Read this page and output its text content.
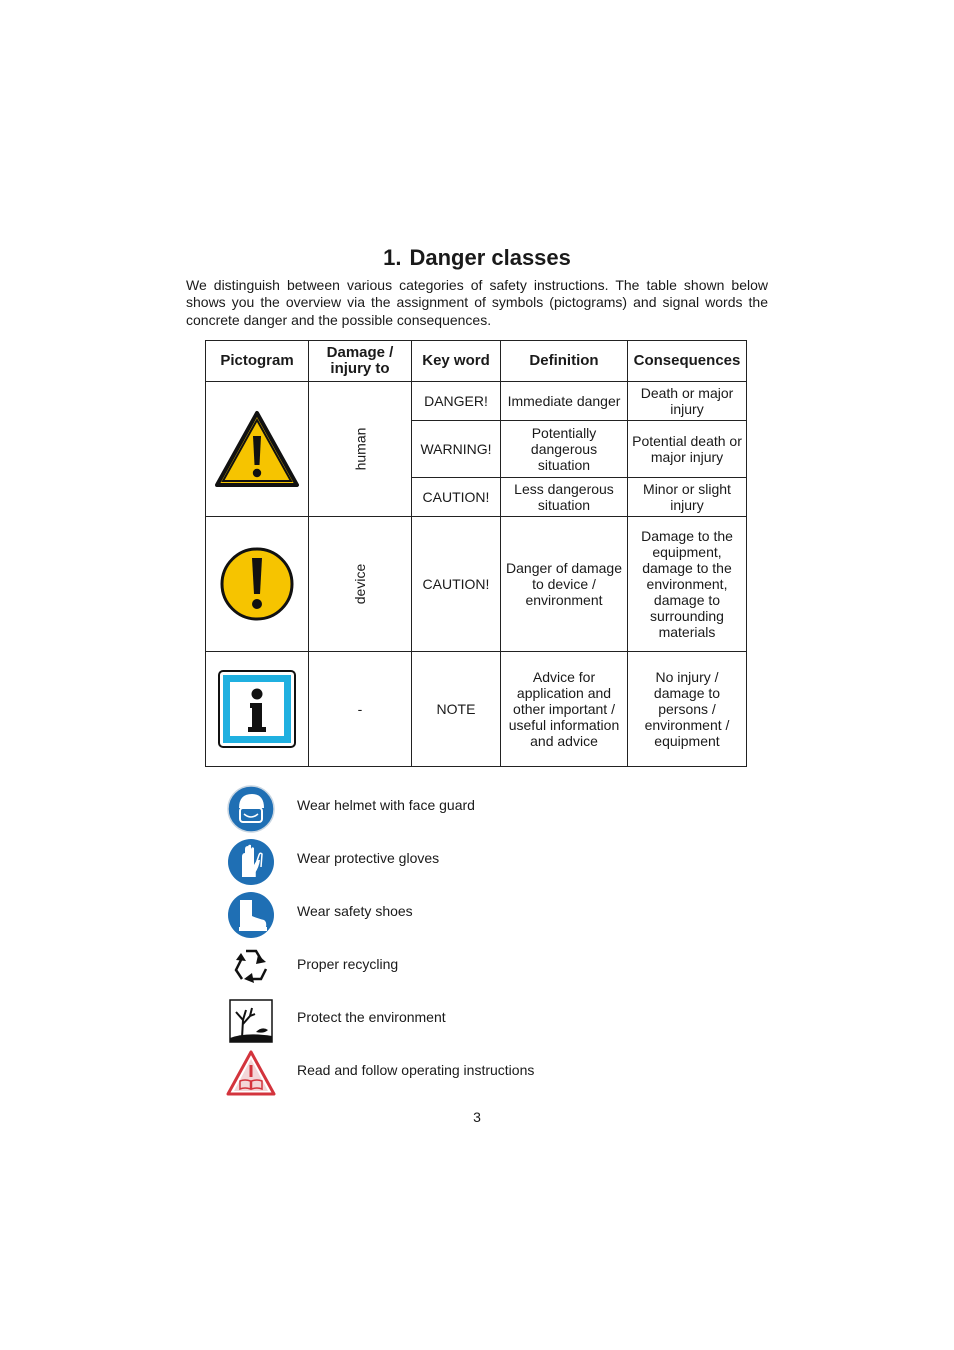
1. Danger classes

We distinguish between various categories of safety instructions. The table shown below shows you the overview via the assignment of symbols (pictograms) and signal words the concrete danger and the possible consequences.

Pictogram	Damage / injury to	Key word	Definition	Consequences

	human	DANGER!	Immediate danger	Death or major injury
		WARNING!	Potentially dangerous situation	Potential death or major injury
		CAUTION!	Less dangerous situation	Minor or slight injury

	device	CAUTION!	Danger of damage to device / environment	Damage to the equipment, damage to the environment, damage to surrounding materials

	-	NOTE	Advice for application and other important / useful information and advice	No injury / damage to persons / environment / equipment
Wear helmet with face guard
Wear protective gloves
Wear safety shoes
Proper recycling
Protect the environment
Read and follow operating instructions
3
